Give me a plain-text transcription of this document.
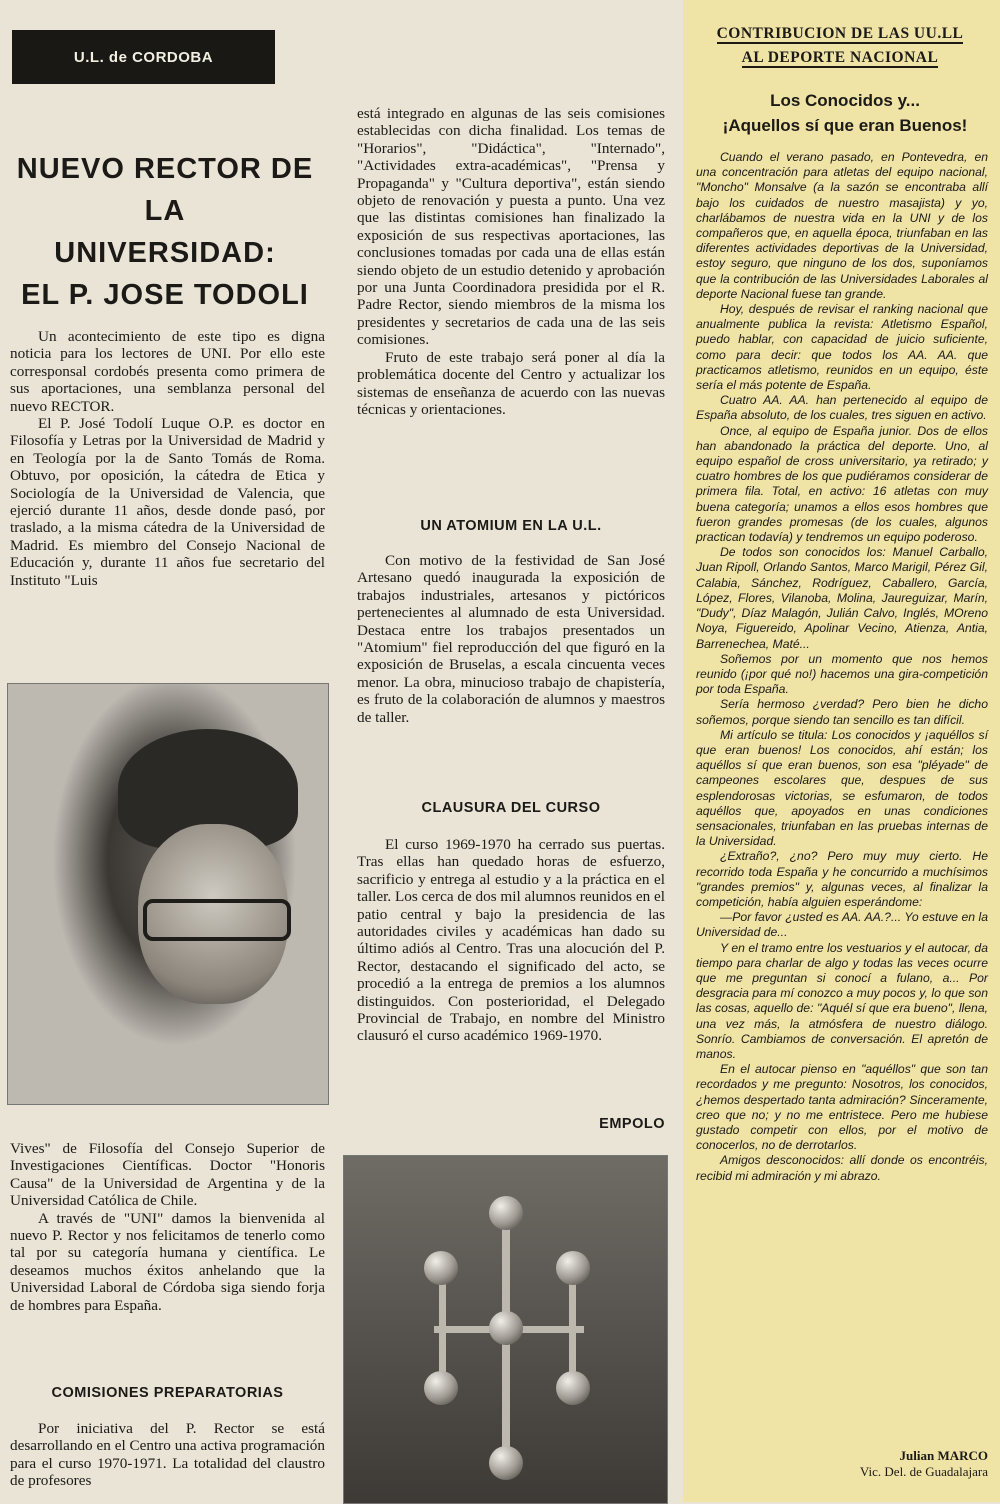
U.L. de CORDOBA
NUEVO RECTOR DE LA
UNIVERSIDAD:
EL P. JOSE TODOLI

Un acontecimiento de este tipo es digna noticia para los lectores de UNI. Por ello este corresponsal cordobés presenta como primera de sus aportaciones, una semblanza personal del nuevo RECTOR.

El P. José Todolí Luque O.P. es doctor en Filosofía y Letras por la Universidad de Madrid y en Teología por la de Santo Tomás de Roma. Obtuvo, por oposición, la cátedra de Etica y Sociología de la Universidad de Valencia, que ejerció durante 11 años, desde donde pasó, por traslado, a la misma cátedra de la Universidad de Madrid. Es miembro del Consejo Nacional de Educación y, durante 11 años fue secretario del Instituto "Luis

Vives" de Filosofía del Consejo Superior de Investigaciones Científicas. Doctor "Honoris Causa" de la Universidad de Argentina y de la Universidad Católica de Chile.

A través de "UNI" damos la bienvenida al nuevo P. Rector y nos felicitamos de tenerlo como tal por su categoría humana y científica. Le deseamos muchos éxitos anhelando que la Universidad Laboral de Córdoba siga siendo forja de hombres para España.

COMISIONES PREPARATORIAS

Por iniciativa del P. Rector se está desarrollando en el Centro una activa programación para el curso 1970-1971. La totalidad del claustro de profesores

está integrado en algunas de las seis comisiones establecidas con dicha finalidad. Los temas de "Horarios", "Didáctica", "Internado", "Actividades extra-académicas", "Prensa y Propaganda" y "Cultura deportiva", están siendo objeto de renovación y puesta a punto. Una vez que las distintas comisiones han finalizado la exposición de sus respectivas aportaciones, las conclusiones tomadas por cada una de ellas están siendo objeto de un estudio detenido y aprobación por una Junta Coordinadora presidida por el R. Padre Rector, siendo miembros de la misma los presidentes y secretarios de cada una de las seis comisiones.

Fruto de este trabajo será poner al día la problemática docente del Centro y actualizar los sistemas de enseñanza de acuerdo con las nuevas técnicas y orientaciones.

UN ATOMIUM EN LA U.L.

Con motivo de la festividad de San José Artesano quedó inaugurada la exposición de trabajos industriales, artesanos y pictóricos pertenecientes al alumnado de esta Universidad. Destaca entre los trabajos presentados un "Atomium" fiel reproducción del que figuró en la exposición de Bruselas, a escala cincuenta veces menor. La obra, minucioso trabajo de chapistería, es fruto de la colaboración de alumnos y maestros de taller.

CLAUSURA DEL CURSO

El curso 1969-1970 ha cerrado sus puertas. Tras ellas han quedado horas de esfuerzo, sacrificio y entrega al estudio y a la práctica en el taller. Los cerca de dos mil alumnos reunidos en el patio central y bajo la presidencia de las autoridades civiles y académicas han dado su último adiós al Centro. Tras una alocución del P. Rector, destacando el significado del acto, se procedió a la entrega de premios a los alumnos distinguidos. Con posterioridad, el Delegado Provincial de Trabajo, en nombre del Ministro clausuró el curso académico 1969-1970.

EMPOLO
CONTRIBUCION DE LAS UU.LL
AL DEPORTE NACIONAL
Los Conocidos y...
¡Aquellos sí que eran Buenos!

Cuando el verano pasado, en Pontevedra, en una concentración para atletas del equipo nacional, "Moncho" Monsalve (a la sazón se encontraba allí bajo los cuidados de nuestro masajista) y yo, charlábamos de nuestra vida en la UNI y de los compañeros que, en aquella época, triunfaban en las diferentes actividades deportivas de la Universidad, estoy seguro, que ninguno de los dos, suponíamos que la contribución de las Universidades Laborales al deporte Nacional fuese tan grande.

Hoy, después de revisar el ranking nacional que anualmente publica la revista: Atletismo Español, puedo hablar, con capacidad de juicio suficiente, como para decir: que todos los AA. AA. que practicamos atletismo, reunidos en un equipo, éste sería el más potente de España.

Cuatro AA. AA. han pertenecido al equipo de España absoluto, de los cuales, tres siguen en activo.

Once, al equipo de España junior. Dos de ellos han abandonado la práctica del deporte. Uno, al equipo español de cross universitario, ya retirado; y cuatro hombres de los que pudiéramos considerar de primera fila. Total, en activo: 16 atletas con muy buena categoría; unamos a ellos esos hombres que fueron grandes promesas (de los cuales, algunos practican todavía) y tendremos un equipo poderoso.

De todos son conocidos los: Manuel Carballo, Juan Ripoll, Orlando Santos, Marco Marigil, Pérez Gil, Calabia, Sánchez, Rodríguez, Caballero, García, López, Flores, Vilanoba, Molina, Jaureguizar, Marín, "Dudy", Díaz Malagón, Julián Calvo, Inglés, MOreno Noya, Figuereido, Apolinar Vecino, Atienza, Antia, Barrenechea, Maté...

Soñemos por un momento que nos hemos reunido (¡por qué no!) hacemos una gira-competición por toda España.

Sería hermoso ¿verdad? Pero bien he dicho soñemos, porque siendo tan sencillo es tan difícil.

Mi artículo se titula: Los conocidos y ¡aquéllos sí que eran buenos! Los conocidos, ahí están; los aquéllos sí que eran buenos, son esa "pléyade" de campeones escolares que, despues de sus esplendorosas victorias, se esfumaron, de todos aquéllos que, apoyados en unas condiciones sensacionales, triunfaban en las pruebas internas de la Universidad.

¿Extraño?, ¿no? Pero muy muy cierto. He recorrido toda España y he concurrido a muchísimos "grandes premios" y, algunas veces, al finalizar la competición, había alguien esperándome:

—Por favor ¿usted es AA. AA.?... Yo estuve en la Universidad de...

Y en el tramo entre los vestuarios y el autocar, da tiempo para charlar de algo y todas las veces ocurre que me preguntan si conocí a fulano, a... Por desgracia para mí conozco a muy pocos y, lo que son las cosas, aquello de: "Aquél sí que era bueno", llena, una vez más, la atmósfera de nuestro diálogo. Sonrío. Cambiamos de conversación. El apretón de manos.

En el autocar pienso en "aquéllos" que son tan recordados y me pregunto: Nosotros, los conocidos, ¿hemos despertado tanta admiración? Sinceramente, creo que no; y no me entristece. Pero me hubiese gustado competir con ellos, por el motivo de conocerlos, no de derrotarlos.

Amigos desconocidos: allí donde os encontréis, recibid mi admiración y mi abrazo.

Julian MARCO
Vic. Del. de Guadalajara
